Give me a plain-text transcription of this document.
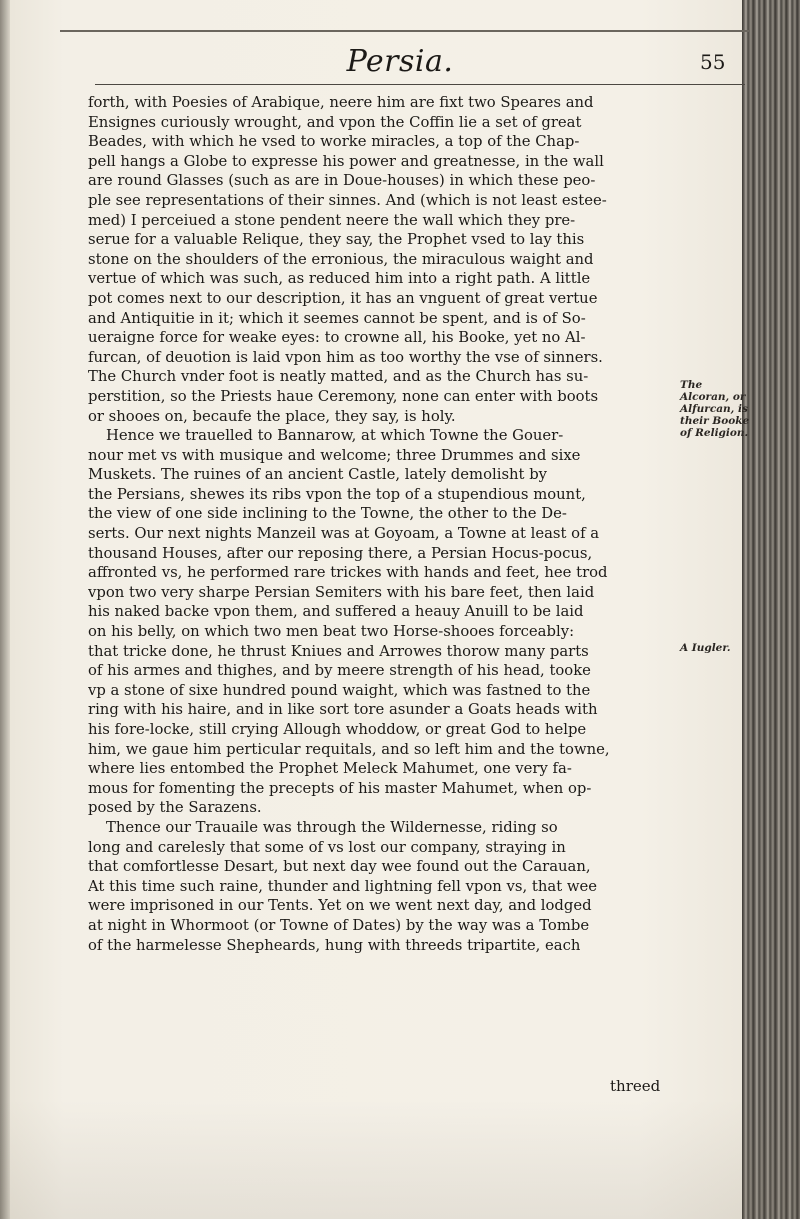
Persia.	55
forth, with Poesies of Arabique, neere him are fixt two Speares and
Ensignes curiously wrought, and vpon the Coffin lie a set of great
Beades, with which he vsed to worke miracles, a top of the Chap-
pell hangs a Globe to expresse his power and greatnesse, in the wall
are round Glasses (such as are in Doue-houses) in which these peo-
ple see representations of their sinnes. And (which is not least estee-
med) I perceiued a stone pendent neere the wall which they pre-
serue for a valuable Relique, they say, the Prophet vsed to lay this
stone on the shoulders of the erronious, the miraculous waight and
vertue of which was such, as reduced him into a right path. A little
pot comes next to our description, it has an vnguent of great vertue
and Antiquitie in it; which it seemes cannot be spent, and is of So-
ueraigne force for weake eyes: to crowne all, his Booke, yet no Al-
furcan, of deuotion is laid vpon him as too worthy the vse of sinners.
The Church vnder foot is neatly matted, and as the Church has su-
perstition, so the Priests haue Ceremony, none can enter with boots
or shooes on, becaufe the place, they say, is holy.
Hence we trauelled to Bannarow, at which Towne the Gouer-
nour met vs with musique and welcome; three Drummes and sixe
Muskets. The ruines of an ancient Castle, lately demolisht by
the Persians, shewes its ribs vpon the top of a stupendious mount,
the view of one side inclining to the Towne, the other to the De-
serts. Our next nights Manzeil was at Goyoam, a Towne at least of a
thousand Houses, after our reposing there, a Persian Hocus-pocus,
affronted vs, he performed rare trickes with hands and feet, hee trod
vpon two very sharpe Persian Semiters with his bare feet, then laid
his naked backe vpon them, and suffered a heauy Anuill to be laid
on his belly, on which two men beat two Horse-shooes forceably:
that tricke done, he thrust Kniues and Arrowes thorow many parts
of his armes and thighes, and by meere strength of his head, tooke
vp a stone of sixe hundred pound waight, which was fastned to the
ring with his haire, and in like sort tore asunder a Goats heads with
his fore-locke, still crying Allough whoddow, or great God to helpe
him, we gaue him perticular requitals, and so left him and the towne,
where lies entombed the Prophet Meleck Mahumet, one very fa-
mous for fomenting the precepts of his master Mahumet, when op-
posed by the Sarazens.
Thence our Trauaile was through the Wildernesse, riding so
long and carelesly that some of vs lost our company, straying in
that comfortlesse Desart, but next day wee found out the Carauan,
At this time such raine, thunder and lightning fell vpon vs, that wee
were imprisoned in our Tents. Yet on we went next day, and lodged
at night in Whormoot (or Towne of Dates) by the way was a Tombe
of the harmelesse Shepheards, hung with threeds tripartite, each
The Alcoran, or Alfurcan, is their Booke of Religion.
A Iugler.
threed
